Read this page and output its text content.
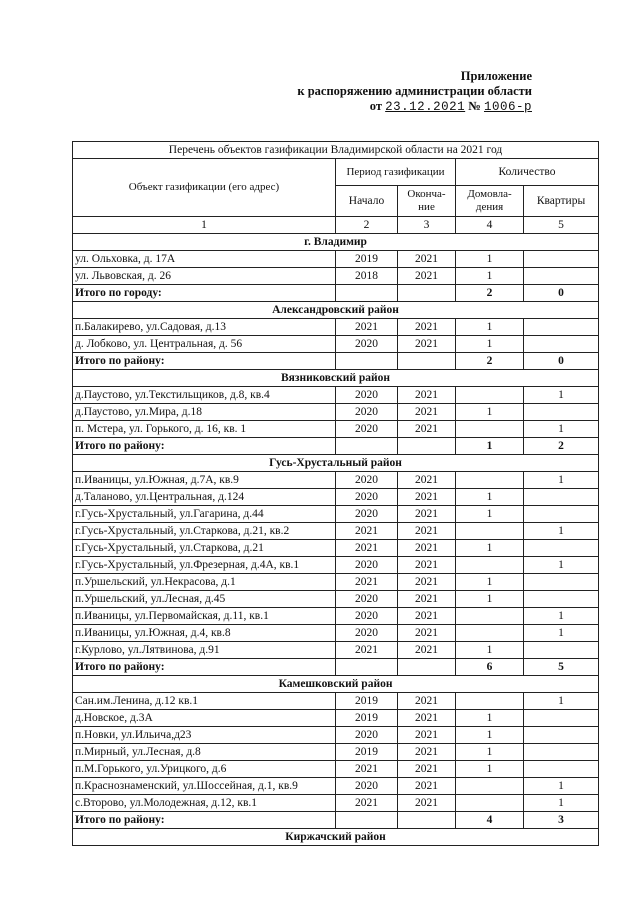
Приложение
к распоряжению администрации области
от 23.12.2021 № 1006-р
Перечень объектов газификации Владимирской области на 2021 год				
Объект газификации (его адрес)	Период газификации		Количество	
	Начало	Оконча-ние	Домовла-дения	Квартиры
1	2	3	4	5
г. Владимир				
ул. Ольховка, д. 17А	2019	2021	1	
ул. Львовская, д. 26	2018	2021	1	
Итого по городу:			2	0
Александровский район				
п.Балакирево, ул.Садовая, д.13	2021	2021	1	
д. Лобково, ул. Центральная, д. 56	2020	2021	1	
Итого по району:			2	0
Вязниковский район				
д.Паустово, ул.Текстильщиков, д.8, кв.4	2020	2021		1
д.Паустово, ул.Мира, д.18	2020	2021	1	
п. Мстера, ул. Горького, д. 16, кв. 1	2020	2021		1
Итого по району:			1	2
Гусь-Хрустальный район				
п.Иваницы, ул.Южная, д.7А, кв.9	2020	2021		1
д.Таланово, ул.Центральная, д.124	2020	2021	1	
г.Гусь-Хрустальный, ул.Гагарина, д.44	2020	2021	1	
г.Гусь-Хрустальный, ул.Старкова, д.21, кв.2	2021	2021		1
г.Гусь-Хрустальный, ул.Старкова, д.21	2021	2021	1	
г.Гусь-Хрустальный, ул.Фрезерная, д.4А, кв.1	2020	2021		1
п.Уршельский, ул.Некрасова, д.1	2021	2021	1	
п.Уршельский, ул.Лесная, д.45	2020	2021	1	
п.Иваницы, ул.Первомайская, д.11, кв.1	2020	2021		1
п.Иваницы, ул.Южная, д.4, кв.8	2020	2021		1
г.Курлово, ул.Лятвинова, д.91	2021	2021	1	
Итого по району:			6	5
Камешковский район				
Сан.им.Ленина, д.12 кв.1	2019	2021		1
д.Новское, д.3А	2019	2021	1	
п.Новки, ул.Ильича,д23	2020	2021	1	
п.Мирный, ул.Лесная, д.8	2019	2021	1	
п.М.Горького, ул.Урицкого, д.6	2021	2021	1	
п.Краснознаменский, ул.Шоссейная, д.1, кв.9	2020	2021		1
с.Второво, ул.Молодежная, д.12, кв.1	2021	2021		1
Итого по району:			4	3
Киржачский район				
